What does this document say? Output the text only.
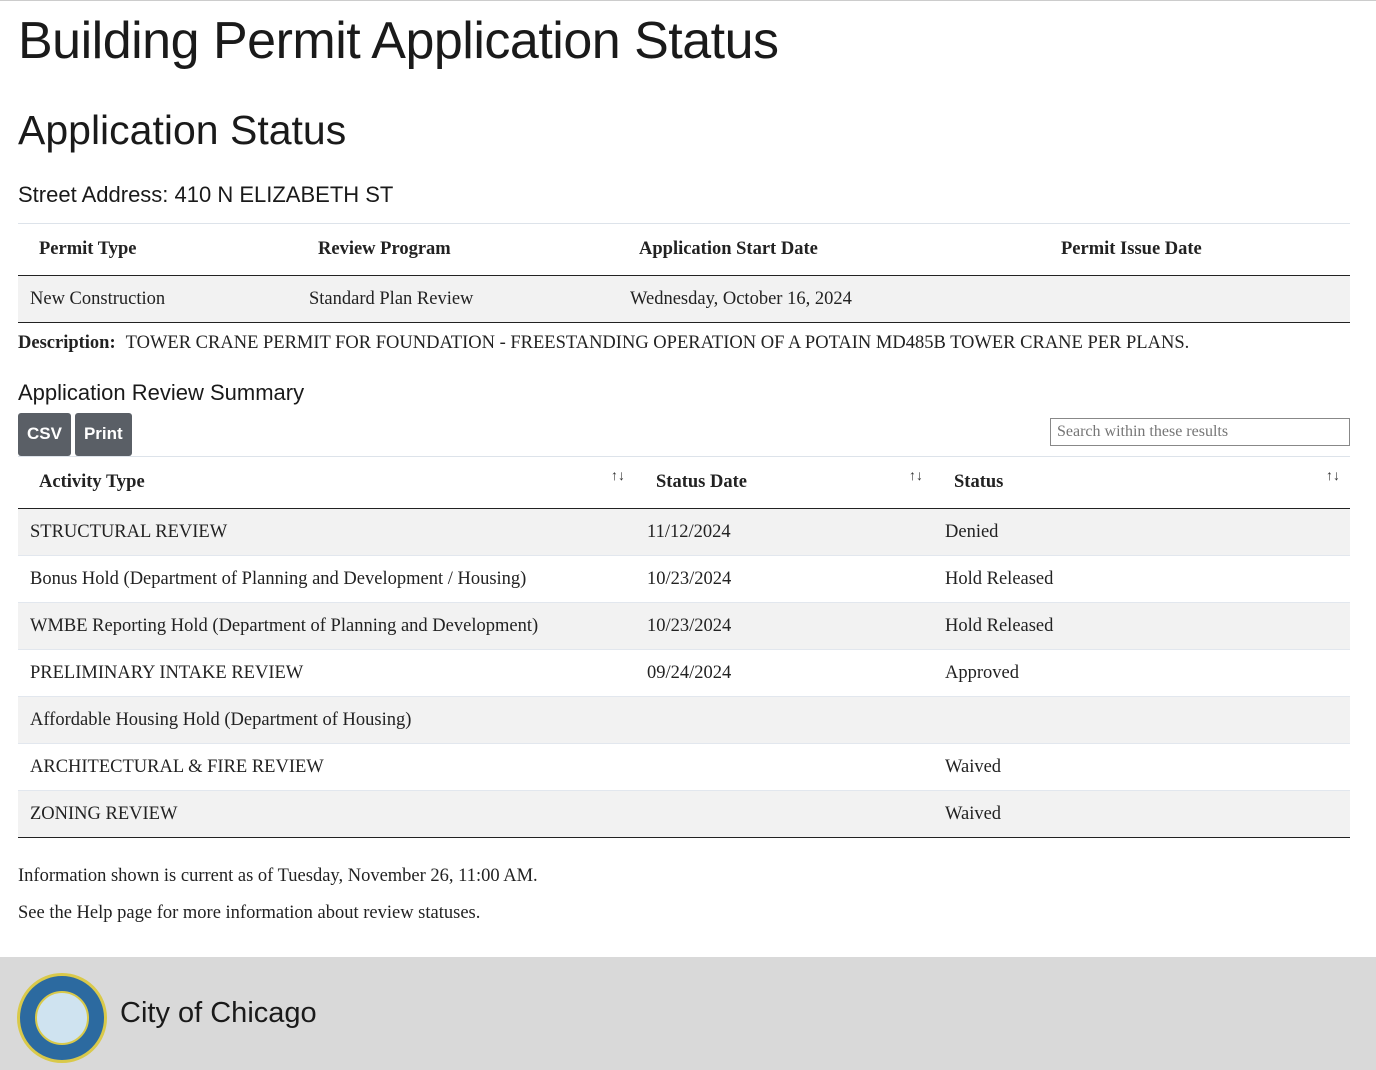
Building Permit Application Status
Application Status
Street Address: 410 N ELIZABETH ST
Permit Type	Review Program	Application Start Date	Permit Issue Date
New Construction	Standard Plan Review	Wednesday, October 16, 2024	
Description: TOWER CRANE PERMIT FOR FOUNDATION - FREESTANDING OPERATION OF A POTAIN MD485B TOWER CRANE PER PLANS.
Application Review Summary
CSV Print
Search within these results
Activity Type ↑↓	Status Date ↑↓	Status ↑↓

STRUCTURAL REVIEW	11/12/2024	Denied
Bonus Hold (Department of Planning and Development / Housing)	10/23/2024	Hold Released
WMBE Reporting Hold (Department of Planning and Development)	10/23/2024	Hold Released
PRELIMINARY INTAKE REVIEW	09/24/2024	Approved
Affordable Housing Hold (Department of Housing)		
ARCHITECTURAL & FIRE REVIEW		Waived
ZONING REVIEW		Waived

Information shown is current as of Tuesday, November 26, 11:00 AM.

See the Help page for more information about review statuses.

City of Chicago
